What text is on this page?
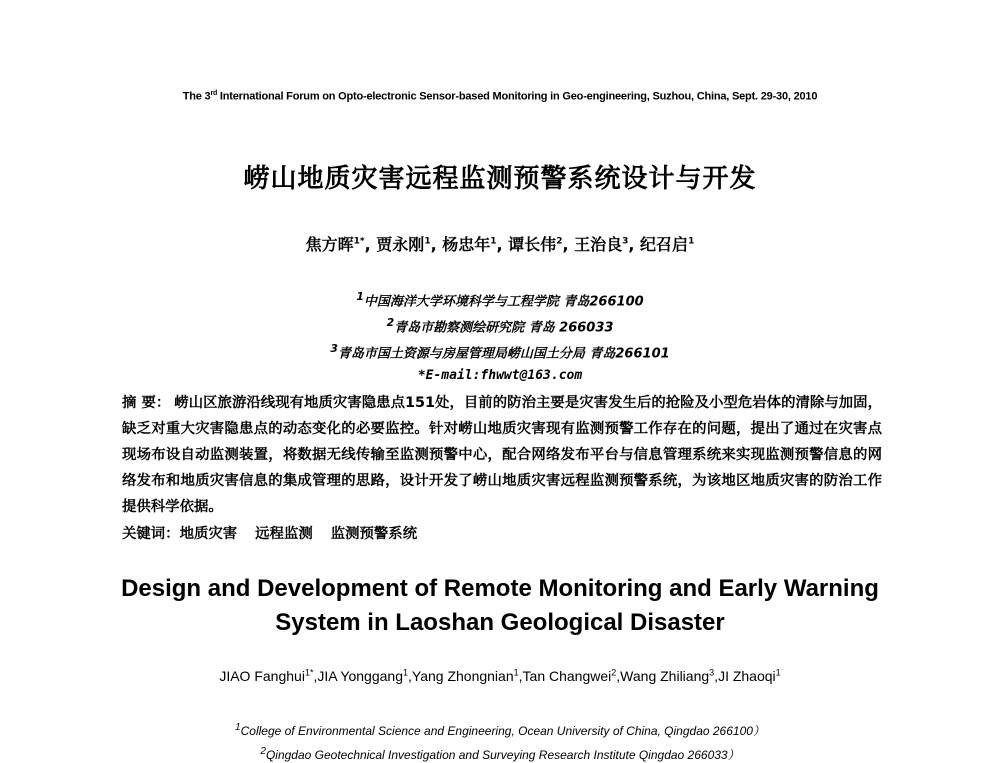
The 3rd International Forum on Opto-electronic Sensor-based Monitoring in Geo-engineering, Suzhou, China, Sept. 29-30, 2010
崂山地质灾害远程监测预警系统设计与开发
焦方晖$^{1*}$, 贾永刚$^1$, 杨忠年$^1$, 谭长伟$^2$, 王治良$^3$, 纪召启$^1$
$^1$中国海洋大学环境科学与工程学院 青岛266100
$^2$青岛市勘察测绘研究院 青岛 266033
$^3$青岛市国土资源与房屋管理局崂山国土分局 青岛266101
*E-mail:fhwwt@163.com
摘 要： 崂山区旅游沿线现有地质灾害隐患点151处，目前的防治主要是灾害发生后的抢险及小型危岩体的清除与加固，缺乏对重大灾害隐患点的动态变化的必要监控。针对崂山地质灾害现有监测预警工作存在的问题，提出了通过在灾害点现场布设自动监测装置，将数据无线传输至监测预警中心，配合网络发布平台与信息管理系统来实现监测预警信息的网络发布和地质灾害信息的集成管理的思路，设计开发了崂山地质灾害远程监测预警系统，为该地区地质灾害的防治工作提供科学依据。
关键词：地质灾害 远程监测 监测预警系统
Design and Development of Remote Monitoring and Early Warning
System in Laoshan Geological Disaster
JIAO Fanghui$^{1*}$,JIA Yonggang$^1$,Yang Zhongnian$^1$,Tan Changwei$^2$,Wang Zhiliang$^3$,JI Zhaoqi$^1$
$^1$College of Environmental Science and Engineering, Ocean University of China, Qingdao 266100）
$^2$Qingdao Geotechnical Investigation and Surveying Research Institute Qingdao 266033）
